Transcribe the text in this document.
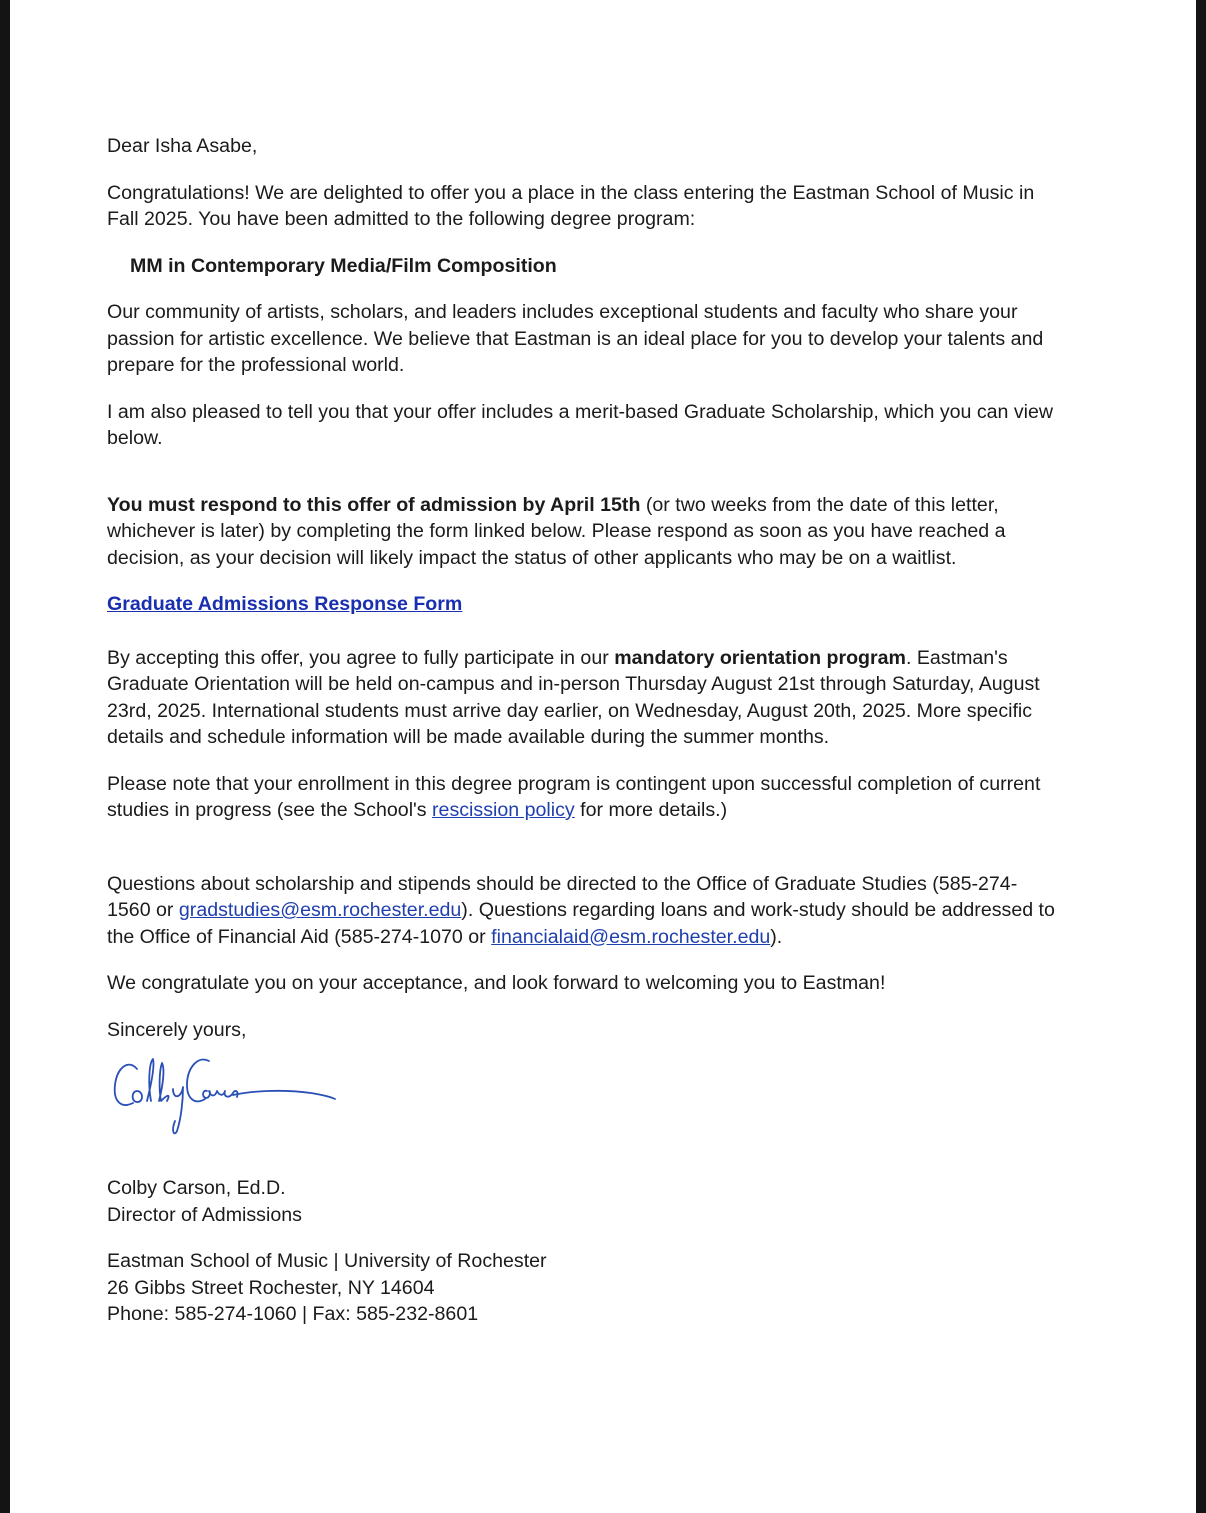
Dear Isha Asabe,

Congratulations! We are delighted to offer you a place in the class entering the Eastman School of Music in
Fall 2025. You have been admitted to the following degree program:

MM in Contemporary Media/Film Composition

Our community of artists, scholars, and leaders includes exceptional students and faculty who share your
passion for artistic excellence. We believe that Eastman is an ideal place for you to develop your talents and
prepare for the professional world.

I am also pleased to tell you that your offer includes a merit-based Graduate Scholarship, which you can view
below.

You must respond to this offer of admission by April 15th (or two weeks from the date of this letter,
whichever is later) by completing the form linked below. Please respond as soon as you have reached a
decision, as your decision will likely impact the status of other applicants who may be on a waitlist.

Graduate Admissions Response Form

By accepting this offer, you agree to fully participate in our mandatory orientation program. Eastman's
Graduate Orientation will be held on-campus and in-person Thursday August 21st through Saturday, August
23rd, 2025. International students must arrive day earlier, on Wednesday, August 20th, 2025. More specific
details and schedule information will be made available during the summer months.

Please note that your enrollment in this degree program is contingent upon successful completion of current
studies in progress (see the School's rescission policy for more details.)

Questions about scholarship and stipends should be directed to the Office of Graduate Studies (585-274-
1560 or gradstudies@esm.rochester.edu). Questions regarding loans and work-study should be addressed to
the Office of Financial Aid (585-274-1070 or financialaid@esm.rochester.edu).

We congratulate you on your acceptance, and look forward to welcoming you to Eastman!

Sincerely yours,

Colby Carson, Ed.D.
Director of Admissions

Eastman School of Music | University of Rochester
26 Gibbs Street Rochester, NY 14604
Phone: 585-274-1060 | Fax: 585-232-8601
